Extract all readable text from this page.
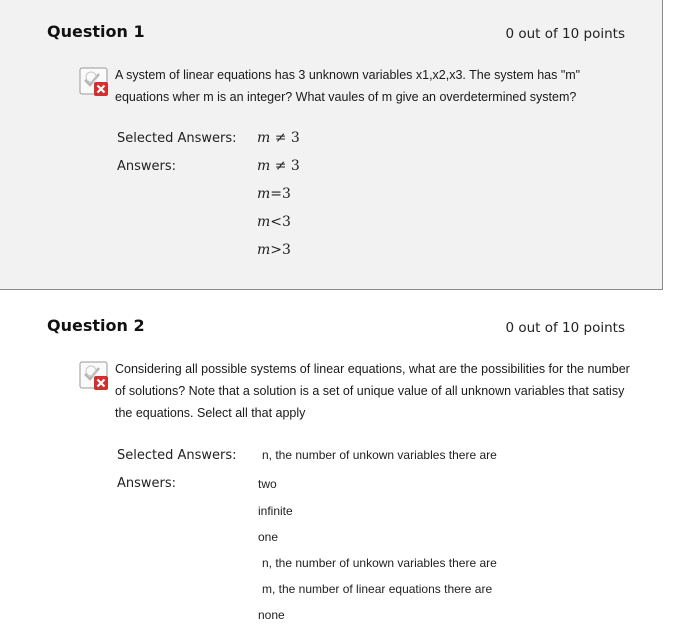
Question 1	0 out of 10 points
A system of linear equations has 3 unknown variables x1,x2,x3. The system has "m"
equations wher m is an integer? What vaules of m give an overdetermined system?
Selected Answers:
Answers:
m ≠ 3
m ≠ 3
m=3
m<3
m>3
Question 2	0 out of 10 points
Considering all possible systems of linear equations, what are the possibilities for the number
of solutions? Note that a solution is a set of unique value of all unknown variables that satisy
the equations. Select all that apply
Selected Answers:
Answers:
n, the number of unkown variables there are
two
infinite
one
n, the number of unkown variables there are
m, the number of linear equations there are
none
